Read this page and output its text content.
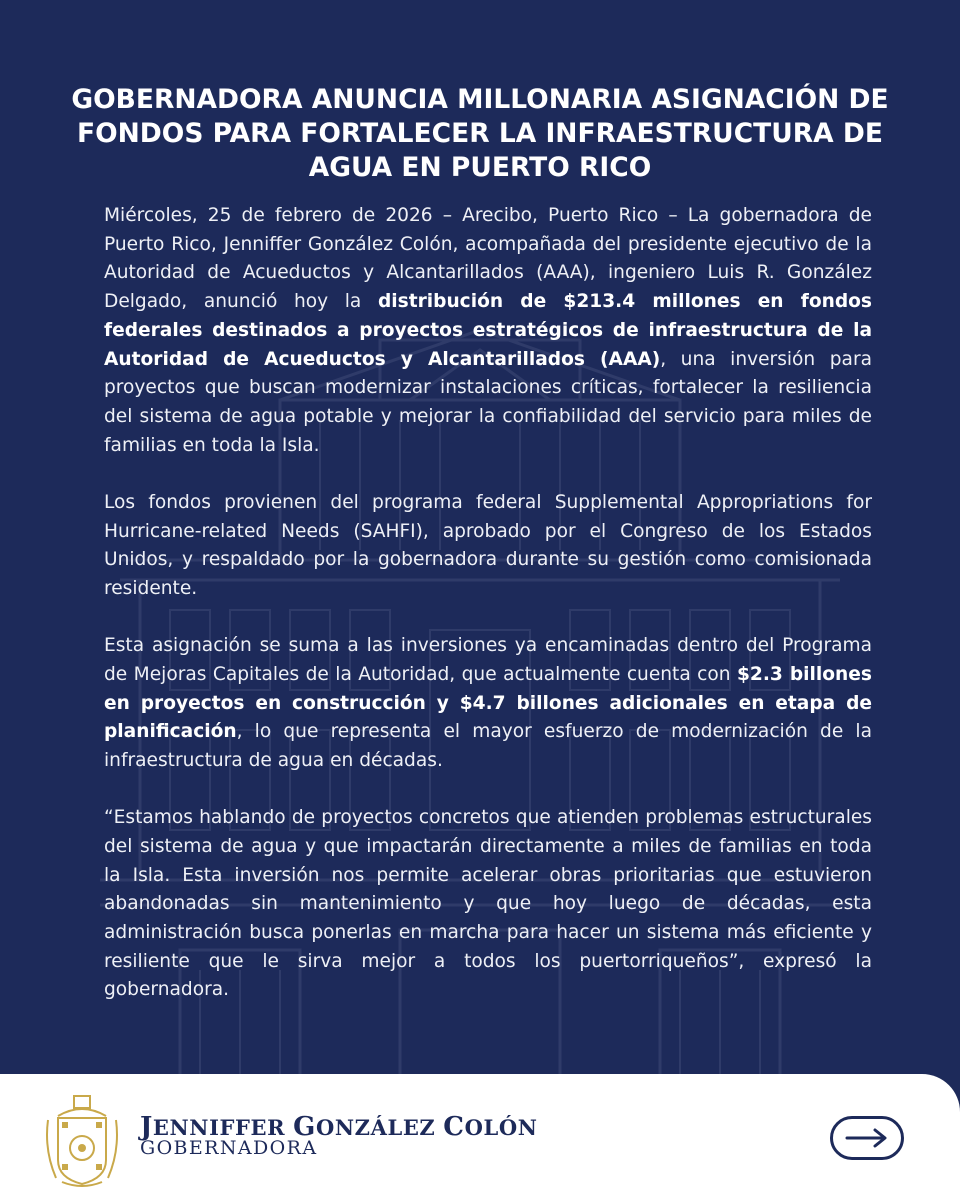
GOBERNADORA ANUNCIA MILLONARIA ASIGNACIÓN DE FONDOS PARA FORTALECER LA INFRAESTRUCTURA DE AGUA EN PUERTO RICO

Miércoles, 25 de febrero de 2026 – Arecibo, Puerto Rico – La gobernadora de Puerto Rico, Jenniffer González Colón, acompañada del presidente ejecutivo de la Autoridad de Acueductos y Alcantarillados (AAA), ingeniero Luis R. González Delgado, anunció hoy la distribución de $213.4 millones en fondos federales destinados a proyectos estratégicos de infraestructura de la Autoridad de Acueductos y Alcantarillados (AAA), una inversión para proyectos que buscan modernizar instalaciones críticas, fortalecer la resiliencia del sistema de agua potable y mejorar la confiabilidad del servicio para miles de familias en toda la Isla.

Los fondos provienen del programa federal Supplemental Appropriations for Hurricane-related Needs (SAHFI), aprobado por el Congreso de los Estados Unidos, y respaldado por la gobernadora durante su gestión como comisionada residente.

Esta asignación se suma a las inversiones ya encaminadas dentro del Programa de Mejoras Capitales de la Autoridad, que actualmente cuenta con $2.3 billones en proyectos en construcción y $4.7 billones adicionales en etapa de planificación, lo que representa el mayor esfuerzo de modernización de la infraestructura de agua en décadas.

“Estamos hablando de proyectos concretos que atienden problemas estructurales del sistema de agua y que impactarán directamente a miles de familias en toda la Isla. Esta inversión nos permite acelerar obras prioritarias que estuvieron abandonadas sin mantenimiento y que hoy luego de décadas, esta administración busca ponerlas en marcha para hacer un sistema más eficiente y resiliente que le sirva mejor a todos los puertorriqueños”, expresó la gobernadora.

JENNIFFER GONZÁLEZ COLÓN
GOBERNADORA
